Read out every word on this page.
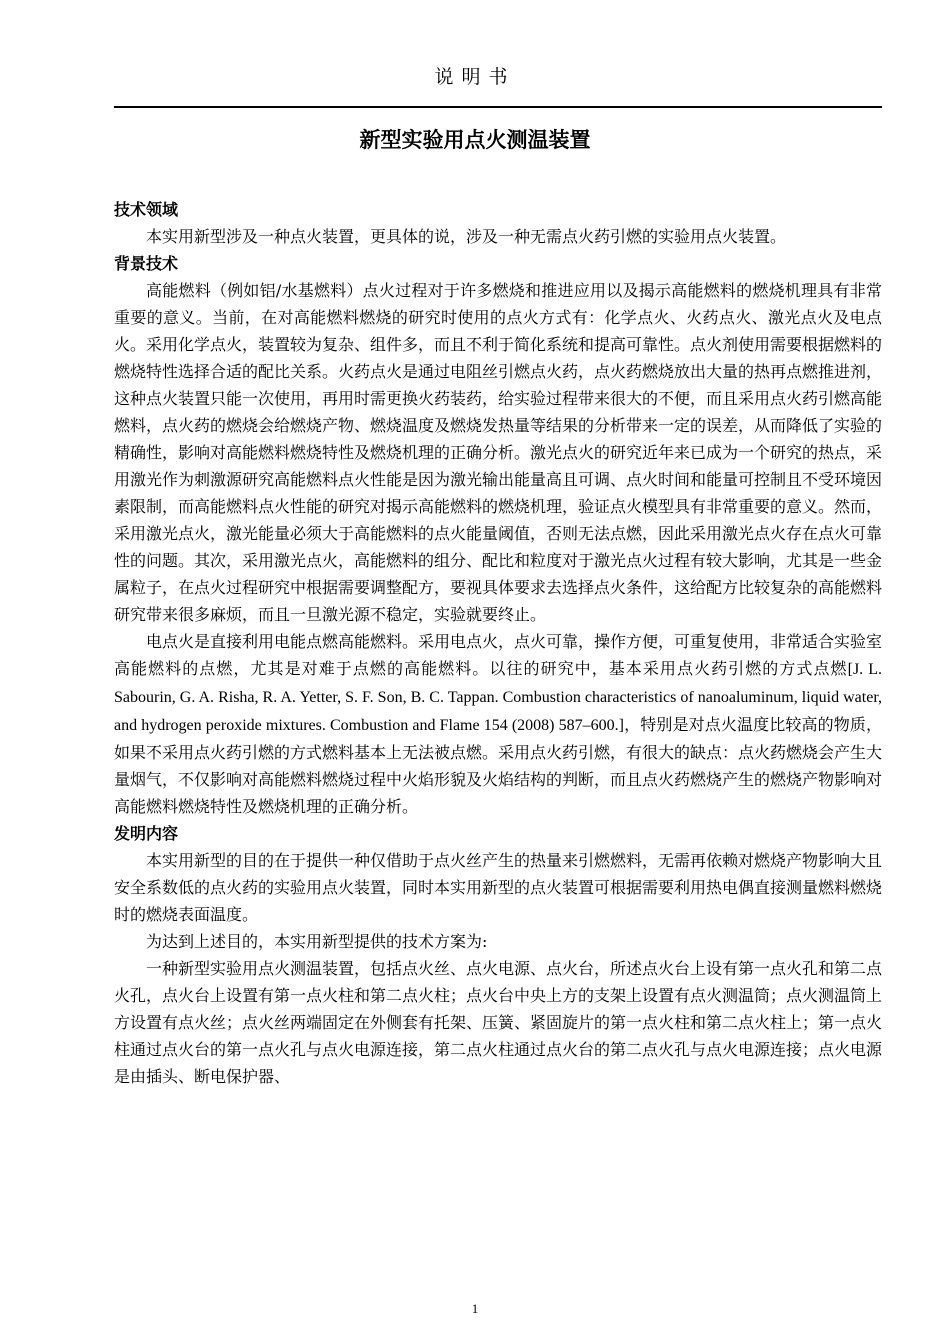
说明书
新型实验用点火测温装置

技术领域

本实用新型涉及一种点火装置，更具体的说，涉及一种无需点火药引燃的实验用点火装置。

背景技术

高能燃料（例如铝/水基燃料）点火过程对于许多燃烧和推进应用以及揭示高能燃料的燃烧机理具有非常重要的意义。当前，在对高能燃料燃烧的研究时使用的点火方式有：化学点火、火药点火、激光点火及电点火。采用化学点火，装置较为复杂、组件多，而且不利于简化系统和提高可靠性。点火剂使用需要根据燃料的燃烧特性选择合适的配比关系。火药点火是通过电阻丝引燃点火药，点火药燃烧放出大量的热再点燃推进剂，这种点火装置只能一次使用，再用时需更换火药装药，给实验过程带来很大的不便，而且采用点火药引燃高能燃料，点火药的燃烧会给燃烧产物、燃烧温度及燃烧发热量等结果的分析带来一定的误差，从而降低了实验的精确性，影响对高能燃料燃烧特性及燃烧机理的正确分析。激光点火的研究近年来已成为一个研究的热点，采用激光作为刺激源研究高能燃料点火性能是因为激光输出能量高且可调、点火时间和能量可控制且不受环境因素限制，而高能燃料点火性能的研究对揭示高能燃料的燃烧机理，验证点火模型具有非常重要的意义。然而，采用激光点火，激光能量必须大于高能燃料的点火能量阈值，否则无法点燃，因此采用激光点火存在点火可靠性的问题。其次，采用激光点火，高能燃料的组分、配比和粒度对于激光点火过程有较大影响，尤其是一些金属粒子，在点火过程研究中根据需要调整配方，要视具体要求去选择点火条件，这给配方比较复杂的高能燃料研究带来很多麻烦，而且一旦激光源不稳定，实验就要终止。

电点火是直接利用电能点燃高能燃料。采用电点火，点火可靠，操作方便，可重复使用，非常适合实验室高能燃料的点燃，尤其是对难于点燃的高能燃料。以往的研究中，基本采用点火药引燃的方式点燃[J. L. Sabourin, G. A. Risha, R. A. Yetter, S. F. Son, B. C. Tappan. Combustion characteristics of nanoaluminum, liquid water, and hydrogen peroxide mixtures. Combustion and Flame 154 (2008) 587–600.]，特别是对点火温度比较高的物质，如果不采用点火药引燃的方式燃料基本上无法被点燃。采用点火药引燃，有很大的缺点：点火药燃烧会产生大量烟气，不仅影响对高能燃料燃烧过程中火焰形貌及火焰结构的判断，而且点火药燃烧产生的燃烧产物影响对高能燃料燃烧特性及燃烧机理的正确分析。

发明内容

本实用新型的目的在于提供一种仅借助于点火丝产生的热量来引燃燃料，无需再依赖对燃烧产物影响大且安全系数低的点火药的实验用点火装置，同时本实用新型的点火装置可根据需要利用热电偶直接测量燃料燃烧时的燃烧表面温度。

为达到上述目的，本实用新型提供的技术方案为:

一种新型实验用点火测温装置，包括点火丝、点火电源、点火台，所述点火台上设有第一点火孔和第二点火孔，点火台上设置有第一点火柱和第二点火柱；点火台中央上方的支架上设置有点火测温筒；点火测温筒上方设置有点火丝；点火丝两端固定在外侧套有托架、压簧、紧固旋片的第一点火柱和第二点火柱上；第一点火柱通过点火台的第一点火孔与点火电源连接，第二点火柱通过点火台的第二点火孔与点火电源连接；点火电源是由插头、断电保护器、

1
